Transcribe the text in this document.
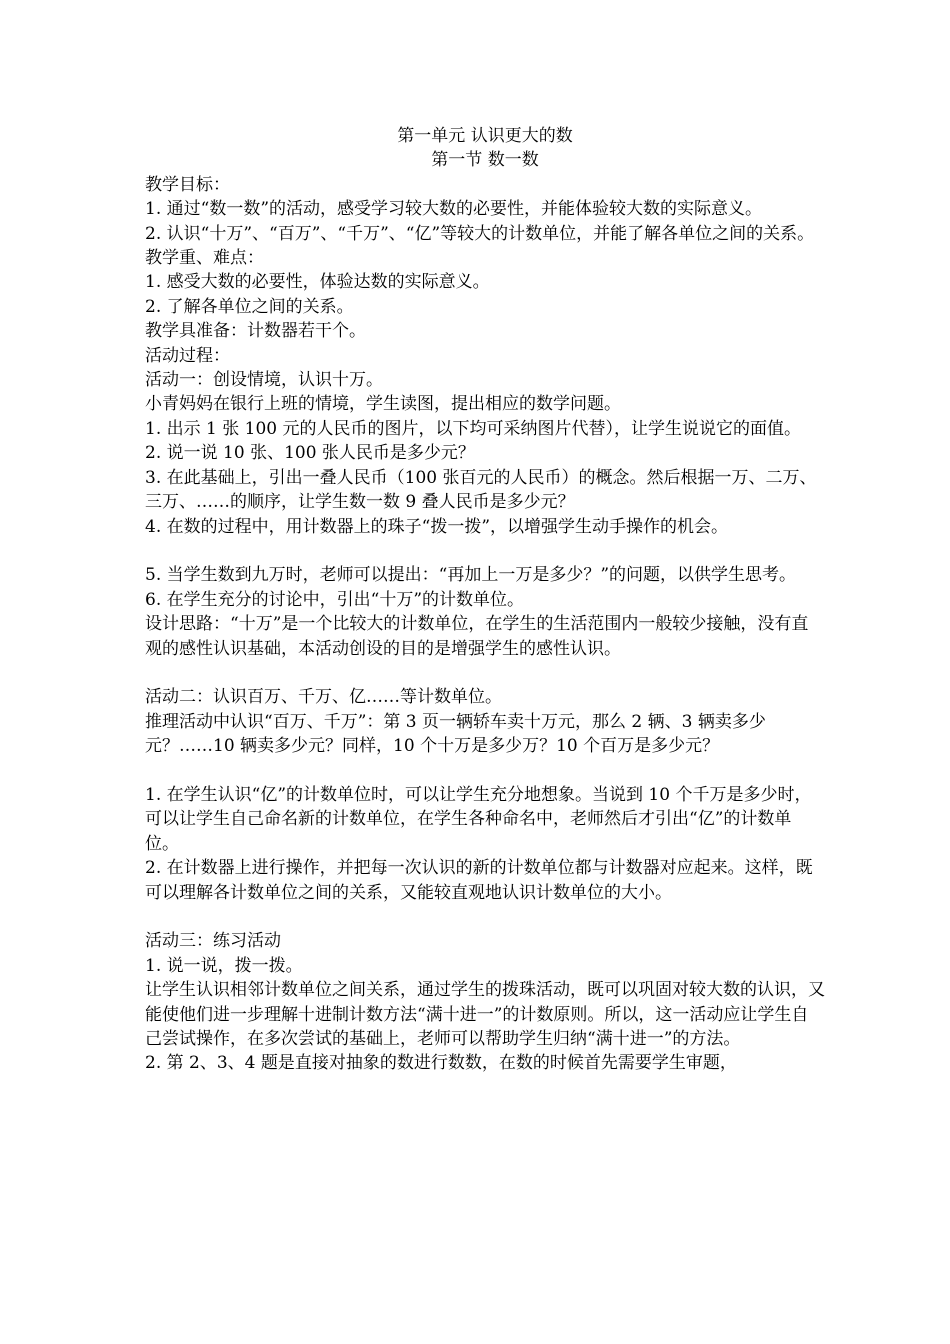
第一单元 认识更大的数

第一节 数一数

教学目标：

1. 通过“数一数”的活动，感受学习较大数的必要性，并能体验较大数的实际意义。

2. 认识“十万”、“百万”、“千万”、“亿”等较大的计数单位，并能了解各单位之间的关系。

教学重、难点：

1. 感受大数的必要性，体验达数的实际意义。

2. 了解各单位之间的关系。

教学具准备：计数器若干个。

活动过程：

活动一：创设情境，认识十万。

小青妈妈在银行上班的情境，学生读图，提出相应的数学问题。

1. 出示 1 张 100 元的人民币的图片，以下均可采纳图片代替），让学生说说它的面值。

2. 说一说 10 张、100 张人民币是多少元？

3. 在此基础上，引出一叠人民币（100 张百元的人民币）的概念。然后根据一万、二万、三万、……的顺序，让学生数一数 9 叠人民币是多少元？

4. 在数的过程中，用计数器上的珠子“拨一拨”，以增强学生动手操作的机会。

5. 当学生数到九万时，老师可以提出：“再加上一万是多少？”的问题，以供学生思考。

6. 在学生充分的讨论中，引出“十万”的计数单位。

设计思路：“十万”是一个比较大的计数单位，在学生的生活范围内一般较少接触，没有直观的感性认识基础，本活动创设的目的是增强学生的感性认识。

活动二：认识百万、千万、亿……等计数单位。

推理活动中认识“百万、千万”：第 3 页一辆轿车卖十万元，那么 2 辆、3 辆卖多少元？……10 辆卖多少元？同样，10 个十万是多少万？10 个百万是多少元？

1. 在学生认识“亿”的计数单位时，可以让学生充分地想象。当说到 10 个千万是多少时，可以让学生自己命名新的计数单位，在学生各种命名中，老师然后才引出“亿”的计数单位。

2. 在计数器上进行操作，并把每一次认识的新的计数单位都与计数器对应起来。这样，既可以理解各计数单位之间的关系，又能较直观地认识计数单位的大小。

活动三：练习活动

1. 说一说，拨一拨。

让学生认识相邻计数单位之间关系，通过学生的拨珠活动，既可以巩固对较大数的认识，又能使他们进一步理解十进制计数方法“满十进一”的计数原则。所以，这一活动应让学生自己尝试操作，在多次尝试的基础上，老师可以帮助学生归纳“满十进一”的方法。

2. 第 2、3、4 题是直接对抽象的数进行数数，在数的时候首先需要学生审题，
